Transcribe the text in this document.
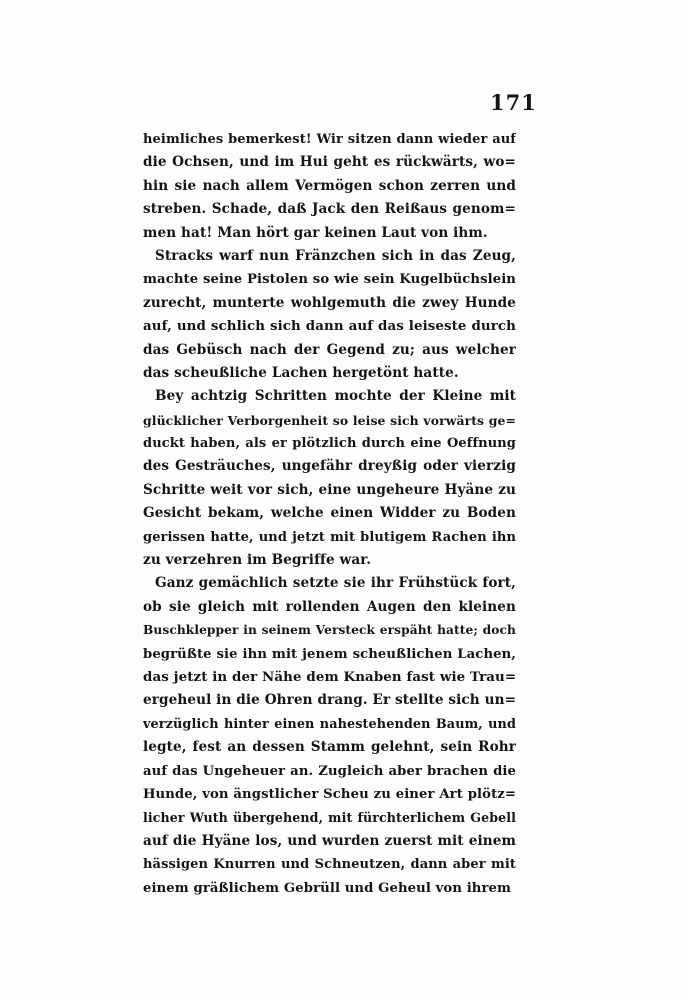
171
heimliches bemerkest! Wir sitzen dann wieder auf
die Ochsen, und im Hui geht es rückwärts, wo=
hin sie nach allem Vermögen schon zerren und
streben. Schade, daß Jack den Reißaus genom=
men hat! Man hört gar keinen Laut von ihm.
Stracks warf nun Fränzchen sich in das Zeug,
machte seine Pistolen so wie sein Kugelbüchslein
zurecht, munterte wohlgemuth die zwey Hunde
auf, und schlich sich dann auf das leiseste durch
das Gebüsch nach der Gegend zu; aus welcher
das scheußliche Lachen hergetönt hatte.
Bey achtzig Schritten mochte der Kleine mit
glücklicher Verborgenheit so leise sich vorwärts ge=
duckt haben, als er plötzlich durch eine Oeffnung
des Gesträuches, ungefähr dreyßig oder vierzig
Schritte weit vor sich, eine ungeheure Hyäne zu
Gesicht bekam, welche einen Widder zu Boden
gerissen hatte, und jetzt mit blutigem Rachen ihn
zu verzehren im Begriffe war.
Ganz gemächlich setzte sie ihr Frühstück fort,
ob sie gleich mit rollenden Augen den kleinen
Buschklepper in seinem Versteck erspäht hatte; doch
begrüßte sie ihn mit jenem scheußlichen Lachen,
das jetzt in der Nähe dem Knaben fast wie Trau=
ergeheul in die Ohren drang. Er stellte sich un=
verzüglich hinter einen nahestehenden Baum, und
legte, fest an dessen Stamm gelehnt, sein Rohr
auf das Ungeheuer an. Zugleich aber brachen die
Hunde, von ängstlicher Scheu zu einer Art plötz=
licher Wuth übergehend, mit fürchterlichem Gebell
auf die Hyäne los, und wurden zuerst mit einem
hässigen Knurren und Schneutzen, dann aber mit
einem gräßlichem Gebrüll und Geheul von ihrem
